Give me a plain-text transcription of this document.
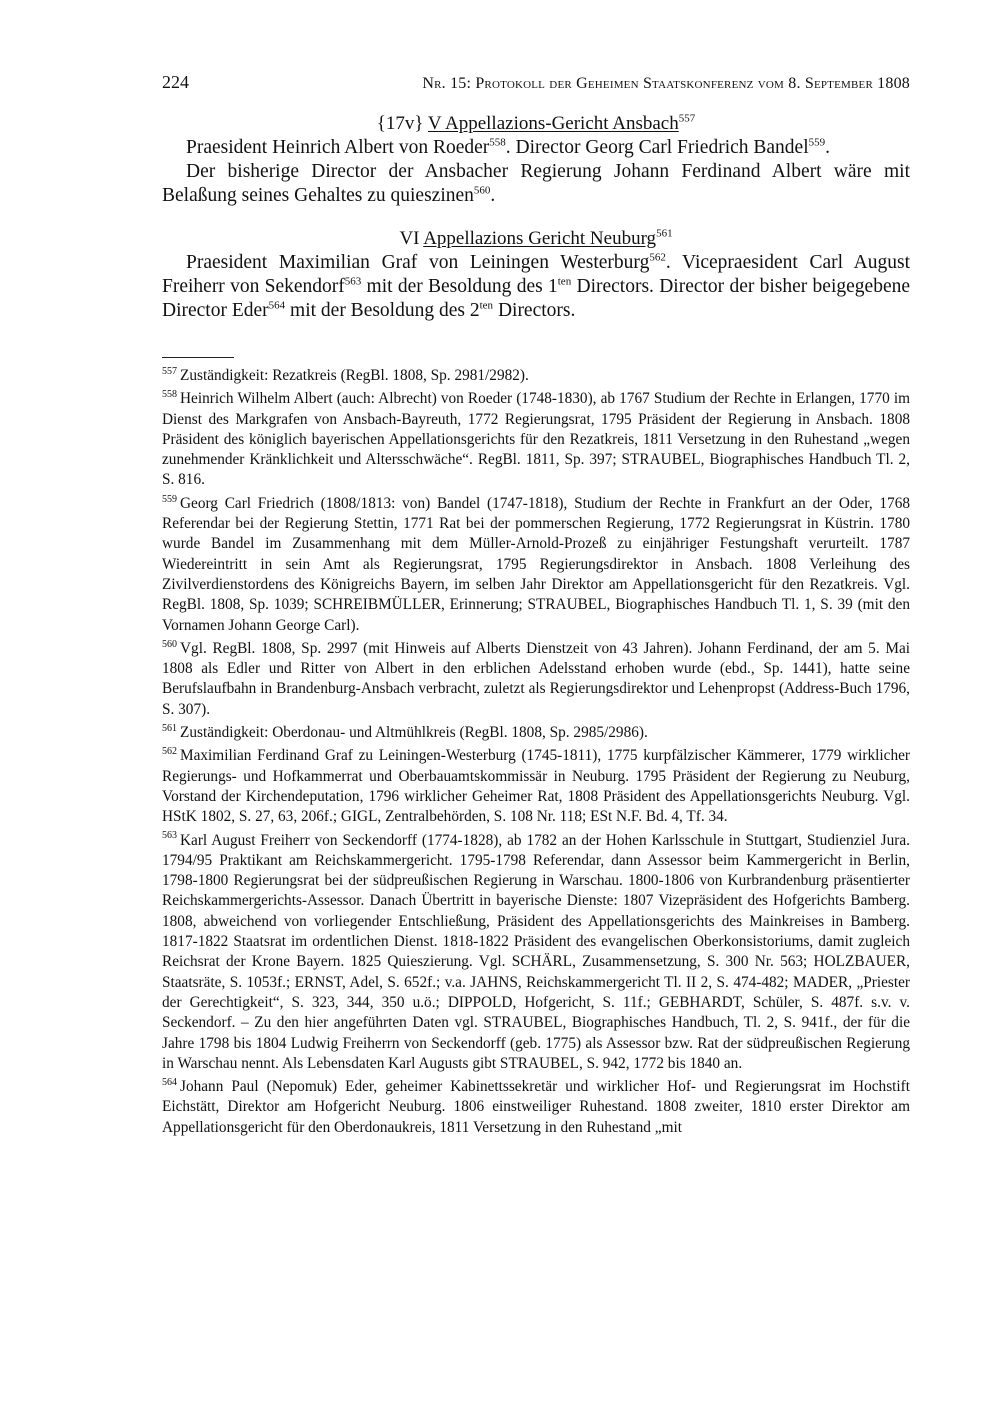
224	Nr. 15: Protokoll der Geheimen Staatskonferenz vom 8. September 1808
{17v} V Appellazions-Gericht Ansbach$^{557}$

Praesident Heinrich Albert von Roeder$^{558}$. Director Georg Carl Friedrich Bandel$^{559}$.

Der bisherige Director der Ansbacher Regierung Johann Ferdinand Albert wäre mit Belaßung seines Gehaltes zu quieszinen$^{560}$.

VI Appellazions Gericht Neuburg$^{561}$

Praesident Maximilian Graf von Leiningen Westerburg$^{562}$. Vicepraesident Carl August Freiherr von Sekendorf$^{563}$ mit der Besoldung des $1^{ten}$ Directors. Director der bisher beigegebene Director Eder$^{564}$ mit der Besoldung des $2^{ten}$ Directors.

$^{557}$ Zuständigkeit: Rezatkreis (RegBl. 1808, Sp. 2981/2982).

$^{558}$ Heinrich Wilhelm Albert (auch: Albrecht) von Roeder (1748-1830), ab 1767 Studium der Rechte in Erlangen, 1770 im Dienst des Markgrafen von Ansbach-Bayreuth, 1772 Regierungsrat, 1795 Präsident der Regierung in Ansbach. 1808 Präsident des königlich bayerischen Appellationsgerichts für den Rezatkreis, 1811 Versetzung in den Ruhestand „wegen zunehmender Kränklichkeit und Altersschwäche“. RegBl. 1811, Sp. 397; STRAUBEL, Biographisches Handbuch Tl. 2, S. 816.

$^{559}$ Georg Carl Friedrich (1808/1813: von) Bandel (1747-1818), Studium der Rechte in Frankfurt an der Oder, 1768 Referendar bei der Regierung Stettin, 1771 Rat bei der pommerschen Regierung, 1772 Regierungsrat in Küstrin. 1780 wurde Bandel im Zusammenhang mit dem Müller-Arnold-Prozeß zu einjähriger Festungshaft verurteilt. 1787 Wiedereintritt in sein Amt als Regierungsrat, 1795 Regierungsdirektor in Ansbach. 1808 Verleihung des Zivilverdienstordens des Königreichs Bayern, im selben Jahr Direktor am Appellationsgericht für den Rezatkreis. Vgl. RegBl. 1808, Sp. 1039; SCHREIBMÜLLER, Erinnerung; STRAUBEL, Biographisches Handbuch Tl. 1, S. 39 (mit den Vornamen Johann George Carl).

$^{560}$ Vgl. RegBl. 1808, Sp. 2997 (mit Hinweis auf Alberts Dienstzeit von 43 Jahren). Johann Ferdinand, der am 5. Mai 1808 als Edler und Ritter von Albert in den erblichen Adelsstand erhoben wurde (ebd., Sp. 1441), hatte seine Berufslaufbahn in Brandenburg-Ansbach verbracht, zuletzt als Regierungsdirektor und Lehenpropst (Address-Buch 1796, S. 307).

$^{561}$ Zuständigkeit: Oberdonau- und Altmühlkreis (RegBl. 1808, Sp. 2985/2986).

$^{562}$ Maximilian Ferdinand Graf zu Leiningen-Westerburg (1745-1811), 1775 kurpfälzischer Kämmerer, 1779 wirklicher Regierungs- und Hofkammerrat und Oberbauamtskommissär in Neuburg. 1795 Präsident der Regierung zu Neuburg, Vorstand der Kirchendeputation, 1796 wirklicher Geheimer Rat, 1808 Präsident des Appellationsgerichts Neuburg. Vgl. HStK 1802, S. 27, 63, 206f.; GIGL, Zentralbehörden, S. 108 Nr. 118; ESt N.F. Bd. 4, Tf. 34.

$^{563}$ Karl August Freiherr von Seckendorff (1774-1828), ab 1782 an der Hohen Karlsschule in Stuttgart, Studienziel Jura. 1794/95 Praktikant am Reichskammergericht. 1795-1798 Referendar, dann Assessor beim Kammergericht in Berlin, 1798-1800 Regierungsrat bei der südpreußischen Regierung in Warschau. 1800-1806 von Kurbrandenburg präsentierter Reichskammergerichts-Assessor. Danach Übertritt in bayerische Dienste: 1807 Vizepräsident des Hofgerichts Bamberg. 1808, abweichend von vorliegender Entschließung, Präsident des Appellationsgerichts des Mainkreises in Bamberg. 1817-1822 Staatsrat im ordentlichen Dienst. 1818-1822 Präsident des evangelischen Oberkonsistoriums, damit zugleich Reichsrat der Krone Bayern. 1825 Quieszierung. Vgl. SCHÄRL, Zusammensetzung, S. 300 Nr. 563; HOLZBAUER, Staatsräte, S. 1053f.; ERNST, Adel, S. 652f.; v.a. JAHNS, Reichskammergericht Tl. II 2, S. 474-482; MADER, „Priester der Gerechtigkeit“, S. 323, 344, 350 u.ö.; DIPPOLD, Hofgericht, S. 11f.; GEBHARDT, Schüler, S. 487f. s.v. v. Seckendorf. – Zu den hier angeführten Daten vgl. STRAUBEL, Biographisches Handbuch, Tl. 2, S. 941f., der für die Jahre 1798 bis 1804 Ludwig Freiherrn von Seckendorff (geb. 1775) als Assessor bzw. Rat der südpreußischen Regierung in Warschau nennt. Als Lebensdaten Karl Augusts gibt STRAUBEL, S. 942, 1772 bis 1840 an.

$^{564}$ Johann Paul (Nepomuk) Eder, geheimer Kabinettssekretär und wirklicher Hof- und Regierungsrat im Hochstift Eichstätt, Direktor am Hofgericht Neuburg. 1806 einstweiliger Ruhestand. 1808 zweiter, 1810 erster Direktor am Appellationsgericht für den Oberdonaukreis, 1811 Versetzung in den Ruhestand „mit
